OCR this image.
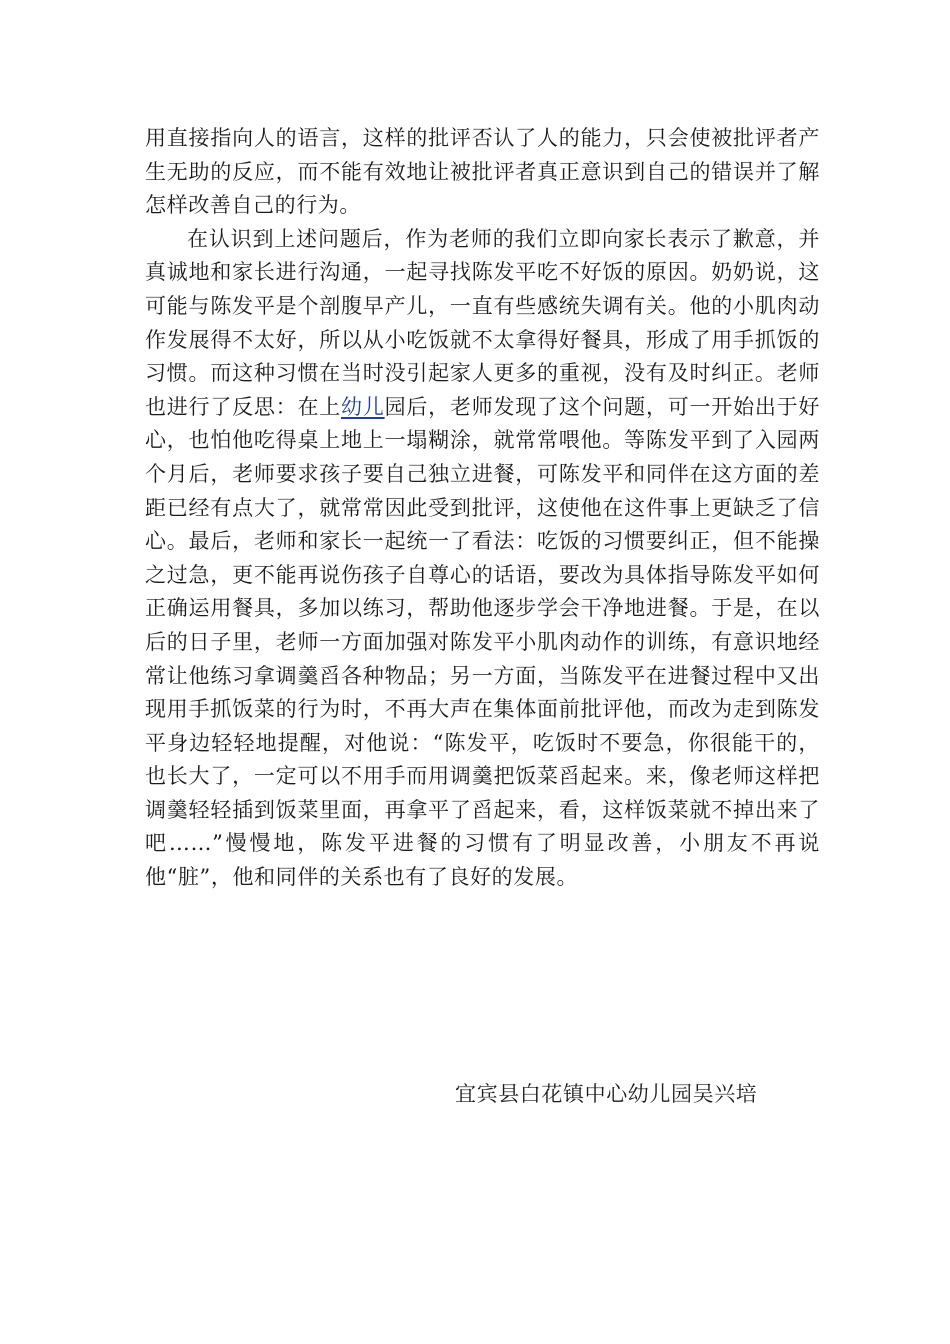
用直接指向人的语言，这样的批评否认了人的能力，只会使被批评者产生无助的反应，而不能有效地让被批评者真正意识到自己的错误并了解怎样改善自己的行为。

在认识到上述问题后，作为老师的我们立即向家长表示了歉意，并真诚地和家长进行沟通，一起寻找陈发平吃不好饭的原因。奶奶说，这可能与陈发平是个剖腹早产儿，一直有些感统失调有关。他的小肌肉动作发展得不太好，所以从小吃饭就不太拿得好餐具，形成了用手抓饭的习惯。而这种习惯在当时没引起家人更多的重视，没有及时纠正。老师也进行了反思：在上幼儿园后，老师发现了这个问题，可一开始出于好心，也怕他吃得桌上地上一塌糊涂，就常常喂他。等陈发平到了入园两个月后，老师要求孩子要自己独立进餐，可陈发平和同伴在这方面的差距已经有点大了，就常常因此受到批评，这使他在这件事上更缺乏了信心。最后，老师和家长一起统一了看法：吃饭的习惯要纠正，但不能操之过急，更不能再说伤孩子自尊心的话语，要改为具体指导陈发平如何正确运用餐具，多加以练习，帮助他逐步学会干净地进餐。于是，在以后的日子里，老师一方面加强对陈发平小肌肉动作的训练，有意识地经常让他练习拿调羹舀各种物品；另一方面，当陈发平在进餐过程中又出现用手抓饭菜的行为时，不再大声在集体面前批评他，而改为走到陈发平身边轻轻地提醒，对他说：“陈发平，吃饭时不要急，你很能干的，也长大了，一定可以不用手而用调羹把饭菜舀起来。来，像老师这样把调羹轻轻插到饭菜里面，再拿平了舀起来，看，这样饭菜就不掉出来了吧……”慢慢地，陈发平进餐的习惯有了明显改善，小朋友不再说他“脏”，他和同伴的关系也有了良好的发展。

宜宾县白花镇中心幼儿园吴兴培
